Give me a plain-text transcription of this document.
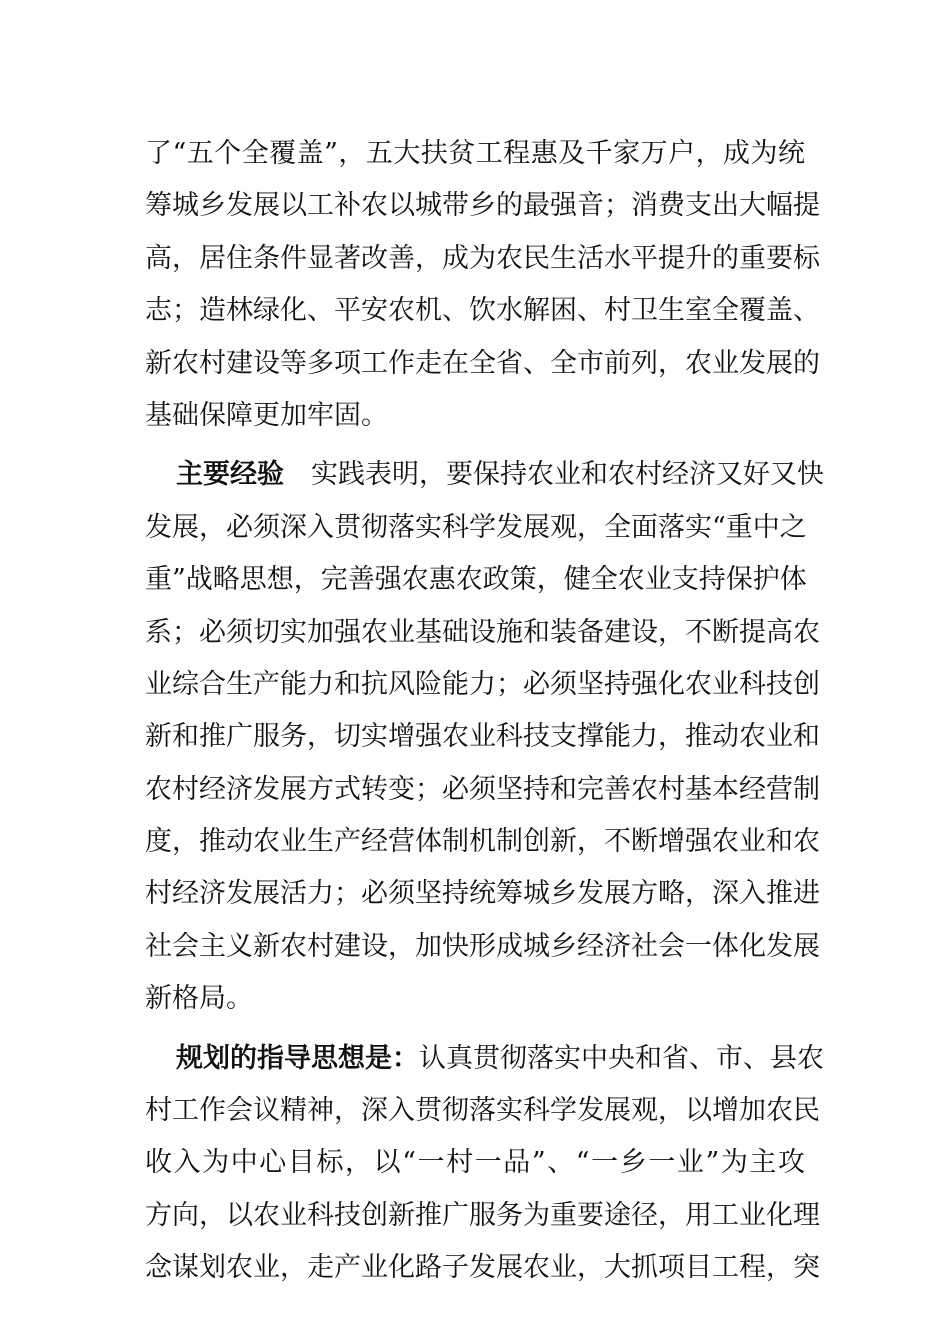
了“五个全覆盖”，五大扶贫工程惠及千家万户，成为统
筹城乡发展以工补农以城带乡的最强音；消费支出大幅提
高，居住条件显著改善，成为农民生活水平提升的重要标
志；造林绿化、平安农机、饮水解困、村卫生室全覆盖、
新农村建设等多项工作走在全省、全市前列，农业发展的
基础保障更加牢固。
主要经验 实践表明，要保持农业和农村经济又好又快
发展，必须深入贯彻落实科学发展观，全面落实“重中之
重”战略思想，完善强农惠农政策，健全农业支持保护体
系；必须切实加强农业基础设施和装备建设，不断提高农
业综合生产能力和抗风险能力；必须坚持强化农业科技创
新和推广服务，切实增强农业科技支撑能力，推动农业和
农村经济发展方式转变；必须坚持和完善农村基本经营制
度，推动农业生产经营体制机制创新，不断增强农业和农
村经济发展活力；必须坚持统筹城乡发展方略，深入推进
社会主义新农村建设，加快形成城乡经济社会一体化发展
新格局。
规划的指导思想是：认真贯彻落实中央和省、市、县农
村工作会议精神，深入贯彻落实科学发展观，以增加农民
收入为中心目标，以“一村一品”、“一乡一业”为主攻
方向，以农业科技创新推广服务为重要途径，用工业化理
念谋划农业，走产业化路子发展农业，大抓项目工程，突
